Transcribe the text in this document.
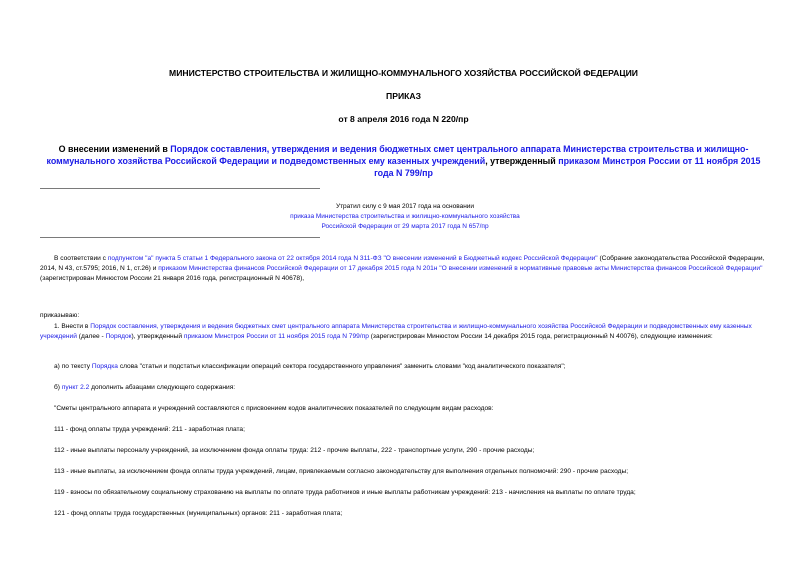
МИНИСТЕРСТВО СТРОИТЕЛЬСТВА И ЖИЛИЩНО-КОММУНАЛЬНОГО ХОЗЯЙСТВА РОССИЙСКОЙ ФЕДЕРАЦИИ
ПРИКАЗ
от 8 апреля 2016 года N 220/пр
О внесении изменений в Порядок составления, утверждения и ведения бюджетных смет центрального аппарата Министерства строительства и жилищно-коммунального хозяйства Российской Федерации и подведомственных ему казенных учреждений, утвержденный приказом Минстроя России от 11 ноября 2015 года N 799/пр
Утратил силу с 9 мая 2017 года на основании
приказа Министерства строительства и жилищно-коммунального хозяйства
Российской Федерации от 29 марта 2017 года N 657/пр
В соответствии с подпунктом "а" пункта 5 статьи 1 Федерального закона от 22 октября 2014 года N 311-ФЗ "О внесении изменений в Бюджетный кодекс Российской Федерации" (Собрание законодательства Российской Федерации, 2014, N 43, ст.5795; 2016, N 1, ст.26) и приказом Министерства финансов Российской Федерации от 17 декабря 2015 года N 201н "О внесении изменений в нормативные правовые акты Министерства финансов Российской Федерации" (зарегистрирован Минюстом России 21 января 2016 года, регистрационный N 40678),
приказываю:
1. Внести в Порядок составления, утверждения и ведения бюджетных смет центрального аппарата Министерства строительства и жилищно-коммунального хозяйства Российской Федерации и подведомственных ему казенных учреждений (далее - Порядок), утвержденный приказом Минстроя России от 11 ноября 2015 года N 799/пр (зарегистрирован Минюстом России 14 декабря 2015 года, регистрационный N 40076), следующие изменения:
а) по тексту Порядка слова "статьи и подстатьи классификации операций сектора государственного управления" заменить словами "код аналитического показателя";
б) пункт 2.2 дополнить абзацами следующего содержания:
"Сметы центрального аппарата и учреждений составляются с присвоением кодов аналитических показателей по следующим видам расходов:
111 - фонд оплаты труда учреждений: 211 - заработная плата;
112 - иные выплаты персоналу учреждений, за исключением фонда оплаты труда: 212 - прочие выплаты, 222 - транспортные услуги, 290 - прочие расходы;
113 - иные выплаты, за исключением фонда оплаты труда учреждений, лицам, привлекаемым согласно законодательству для выполнения отдельных полномочий: 290 - прочие расходы;
119 - взносы по обязательному социальному страхованию на выплаты по оплате труда работников и иные выплаты работникам учреждений: 213 - начисления на выплаты по оплате труда;
121 - фонд оплаты труда государственных (муниципальных) органов: 211 - заработная плата;
